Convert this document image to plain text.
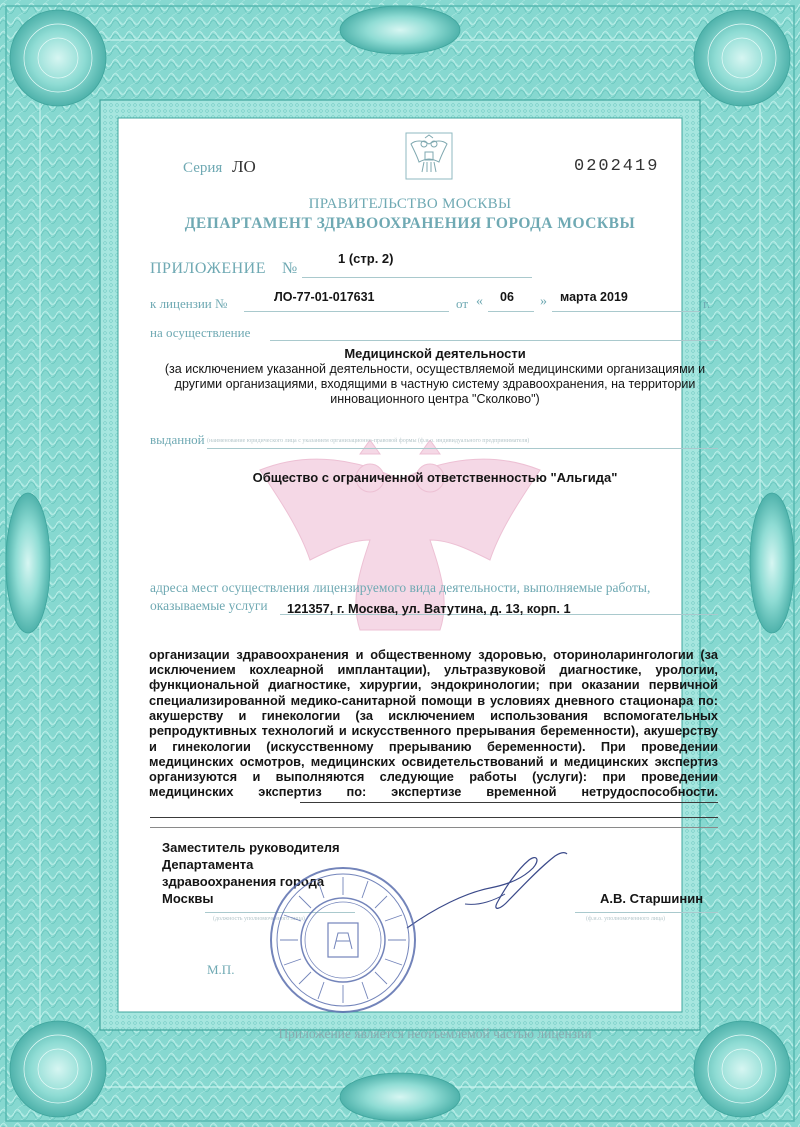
Серия ЛО	0202419

ПРАВИТЕЛЬСТВО МОСКВЫ

ДЕПАРТАМЕНТ ЗДРАВООХРАНЕНИЯ ГОРОДА МОСКВЫ

ПРИЛОЖЕНИЕ №

1 (стр. 2)

к лицензии №	ЛО-77-01-017631	от « 06 » марта 2019	г.

на осуществление

Медицинской деятельности

(за исключением указанной деятельности, осуществляемой медицинскими организациями и другими организациями, входящими в частную систему здравоохранения, на территории инновационного центра "Сколково")

выданной (наименование юридического лица с указанием организационно-правовой формы (ф.и.о. индивидуального предпринимателя)

Общество с ограниченной ответственностью "Альгида"

адреса мест осуществления лицензируемого вида деятельности, выполняемые работы,

оказываемые услуги 121357, г. Москва, ул. Ватутина, д. 13, корп. 1

организации здравоохранения и общественному здоровью, оториноларингологии (за исключением кохлеарной имплантации), ультразвуковой диагностике, урологии, функциональной диагностике, хирургии, эндокринологии; при оказании первичной специализированной медико-санитарной помощи в условиях дневного стационара по: акушерству и гинекологии (за исключением использования вспомогательных репродуктивных технологий и искусственного прерывания беременности), акушерству и гинекологии (искусственному прерыванию беременности). При проведении медицинских осмотров, медицинских освидетельствований и медицинских экспертиз организуются и выполняются следующие работы (услуги): при проведении медицинских экспертиз по: экспертизе временной нетрудоспособности.

Заместитель руководителя

Департамента

здравоохранения города

Москвы	А.В. Старшинин

(должность уполномоченного лица)	(ф.и.о. уполномоченного лица)

М.П.

Приложение является неотъемлемой частью лицензии
